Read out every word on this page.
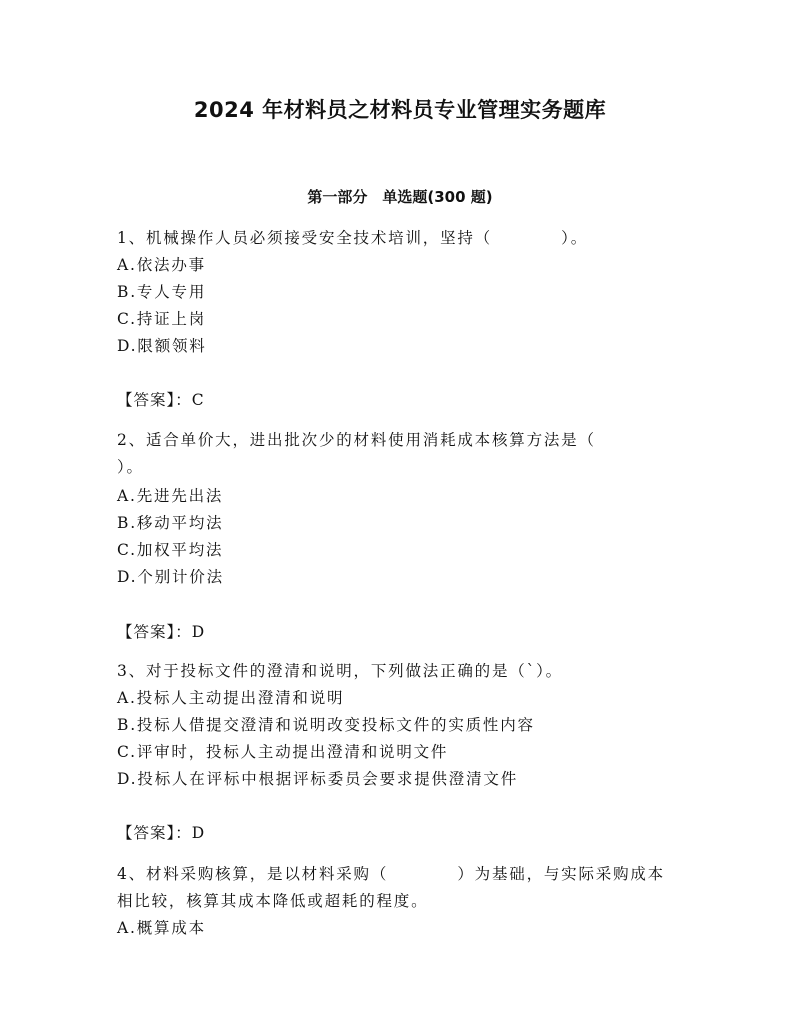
2024 年材料员之材料员专业管理实务题库
第一部分　单选题(300 题)
1、机械操作人员必须接受安全技术培训，坚持（　　　　）。
A.依法办事
B.专人专用
C.持证上岗
D.限额领料
【答案】：C
2、适合单价大，进出批次少的材料使用消耗成本核算方法是（
）。
A.先进先出法
B.移动平均法
C.加权平均法
D.个别计价法
【答案】：D
3、对于投标文件的澄清和说明，下列做法正确的是（`）。
A.投标人主动提出澄清和说明
B.投标人借提交澄清和说明改变投标文件的实质性内容
C.评审时，投标人主动提出澄清和说明文件
D.投标人在评标中根据评标委员会要求提供澄清文件
【答案】：D
4、材料采购核算，是以材料采购（　　　　）为基础，与实际采购成本
相比较，核算其成本降低或超耗的程度。
A.概算成本
